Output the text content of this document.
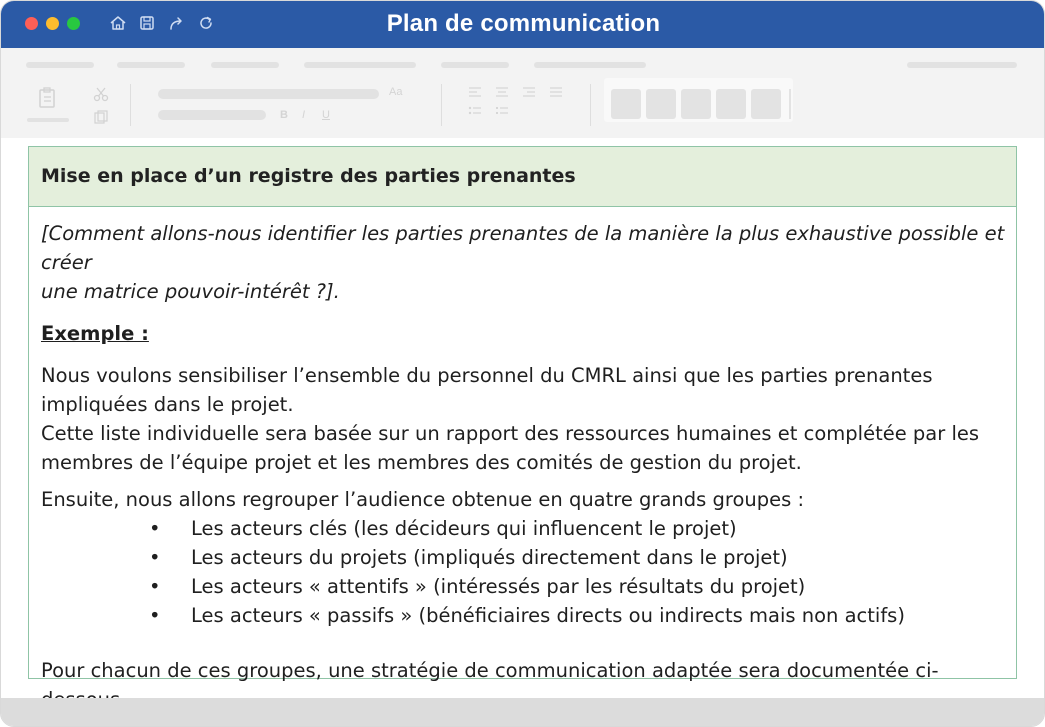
Plan de communication
Aa
B I U
Mise en place d’un registre des parties prenantes
[Comment allons-nous identifier les parties prenantes de la manière la plus exhaustive possible et créer
une matrice pouvoir-intérêt ?].
Exemple :
Nous voulons sensibiliser l’ensemble du personnel du CMRL ainsi que les parties prenantes
impliquées dans le projet.
Cette liste individuelle sera basée sur un rapport des ressources humaines et complétée par les
membres de l’équipe projet et les membres des comités de gestion du projet.
Ensuite, nous allons regrouper l’audience obtenue en quatre grands groupes :
• Les acteurs clés (les décideurs qui influencent le projet)
• Les acteurs du projets (impliqués directement dans le projet)
• Les acteurs « attentifs » (intéressés par les résultats du projet)
• Les acteurs « passifs » (bénéficiaires directs ou indirects mais non actifs)
Pour chacun de ces groupes, une stratégie de communication adaptée sera documentée ci-
